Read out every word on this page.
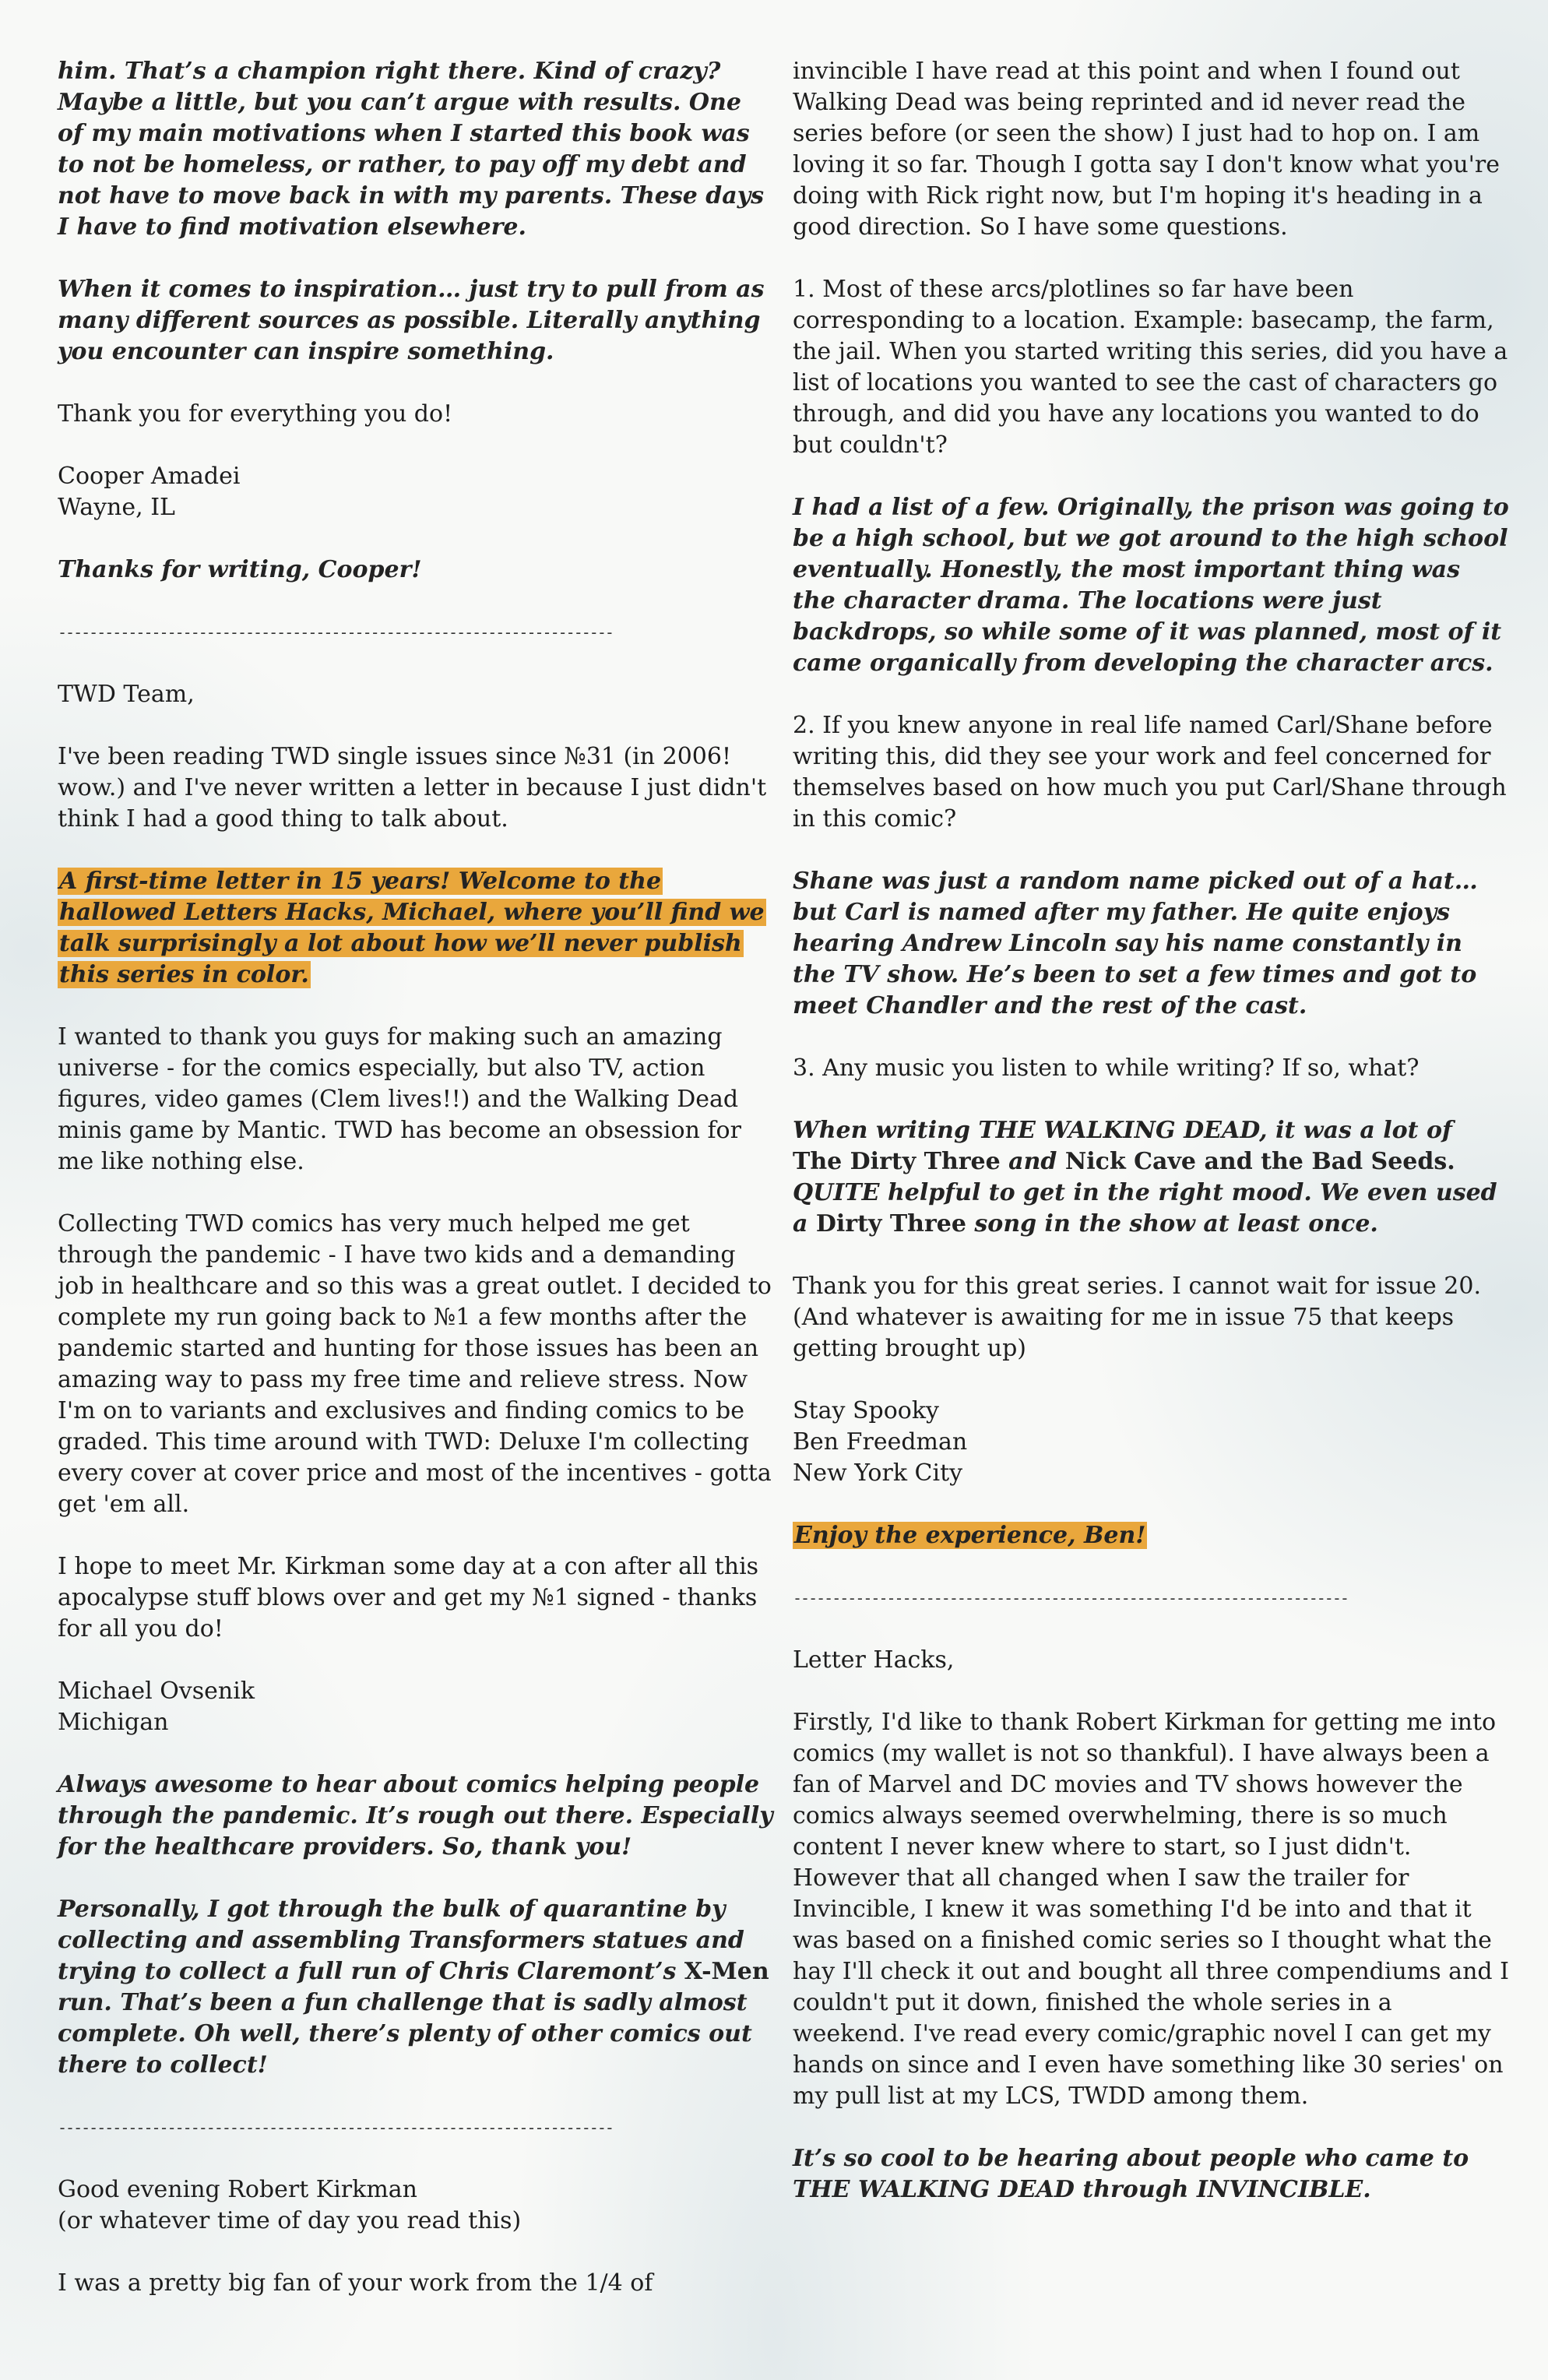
him. That’s a champion right there. Kind of crazy? Maybe a little, but you can’t argue with results. One of my main motivations when I started this book was to not be homeless, or rather, to pay off my debt and not have to move back in with my parents. These days I have to find motivation elsewhere.

When it comes to inspiration… just try to pull from as many different sources as possible. Literally anything you encounter can inspire something.

Thank you for everything you do!

Cooper Amadei
Wayne, IL

Thanks for writing, Cooper!

-----------------------------------------------------------------------

TWD Team,

I've been reading TWD single issues since №31 (in 2006! wow.) and I've never written a letter in because I just didn't think I had a good thing to talk about.

A first-time letter in 15 years! Welcome to the hallowed Letters Hacks, Michael, where you’ll find we talk surprisingly a lot about how we’ll never publish this series in color.

I wanted to thank you guys for making such an amazing universe - for the comics especially, but also TV, action figures, video games (Clem lives!!) and the Walking Dead minis game by Mantic. TWD has become an obsession for me like nothing else.

Collecting TWD comics has very much helped me get through the pandemic - I have two kids and a demanding job in healthcare and so this was a great outlet. I decided to complete my run going back to №1 a few months after the pandemic started and hunting for those issues has been an amazing way to pass my free time and relieve stress. Now I'm on to variants and exclusives and finding comics to be graded. This time around with TWD: Deluxe I'm collecting every cover at cover price and most of the incentives - gotta get 'em all.

I hope to meet Mr. Kirkman some day at a con after all this apocalypse stuff blows over and get my №1 signed - thanks for all you do!

Michael Ovsenik
Michigan

Always awesome to hear about comics helping people through the pandemic. It’s rough out there. Especially for the healthcare providers. So, thank you!

Personally, I got through the bulk of quarantine by collecting and assembling Transformers statues and trying to collect a full run of Chris Claremont’s X-Men run. That’s been a fun challenge that is sadly almost complete. Oh well, there’s plenty of other comics out there to collect!

-----------------------------------------------------------------------

Good evening Robert Kirkman
(or whatever time of day you read this)

I was a pretty big fan of your work from the 1/4 of

invincible I have read at this point and when I found out Walking Dead was being reprinted and id never read the series before (or seen the show) I just had to hop on. I am loving it so far. Though I gotta say I don't know what you're doing with Rick right now, but I'm hoping it's heading in a good direction. So I have some questions.

1. Most of these arcs/plotlines so far have been corresponding to a location. Example: basecamp, the farm, the jail. When you started writing this series, did you have a list of locations you wanted to see the cast of characters go through, and did you have any locations you wanted to do but couldn't?

I had a list of a few. Originally, the prison was going to be a high school, but we got around to the high school eventually. Honestly, the most important thing was the character drama. The locations were just backdrops, so while some of it was planned, most of it came organically from developing the character arcs.

2. If you knew anyone in real life named Carl/Shane before writing this, did they see your work and feel concerned for themselves based on how much you put Carl/Shane through in this comic?

Shane was just a random name picked out of a hat… but Carl is named after my father. He quite enjoys hearing Andrew Lincoln say his name constantly in the TV show. He’s been to set a few times and got to meet Chandler and the rest of the cast.

3. Any music you listen to while writing? If so, what?

When writing THE WALKING DEAD, it was a lot of The Dirty Three and Nick Cave and the Bad Seeds. QUITE helpful to get in the right mood. We even used a Dirty Three song in the show at least once.

Thank you for this great series. I cannot wait for issue 20. (And whatever is awaiting for me in issue 75 that keeps getting brought up)

Stay Spooky
Ben Freedman
New York City

Enjoy the experience, Ben!

-----------------------------------------------------------------------

Letter Hacks,

Firstly, I'd like to thank Robert Kirkman for getting me into comics (my wallet is not so thankful). I have always been a fan of Marvel and DC movies and TV shows however the comics always seemed overwhelming, there is so much content I never knew where to start, so I just didn't. However that all changed when I saw the trailer for Invincible, I knew it was something I'd be into and that it was based on a finished comic series so I thought what the hay I'll check it out and bought all three compendiums and I couldn't put it down, finished the whole series in a weekend. I've read every comic/graphic novel I can get my hands on since and I even have something like 30 series' on my pull list at my LCS, TWDD among them.

It’s so cool to be hearing about people who came to THE WALKING DEAD through INVINCIBLE.
